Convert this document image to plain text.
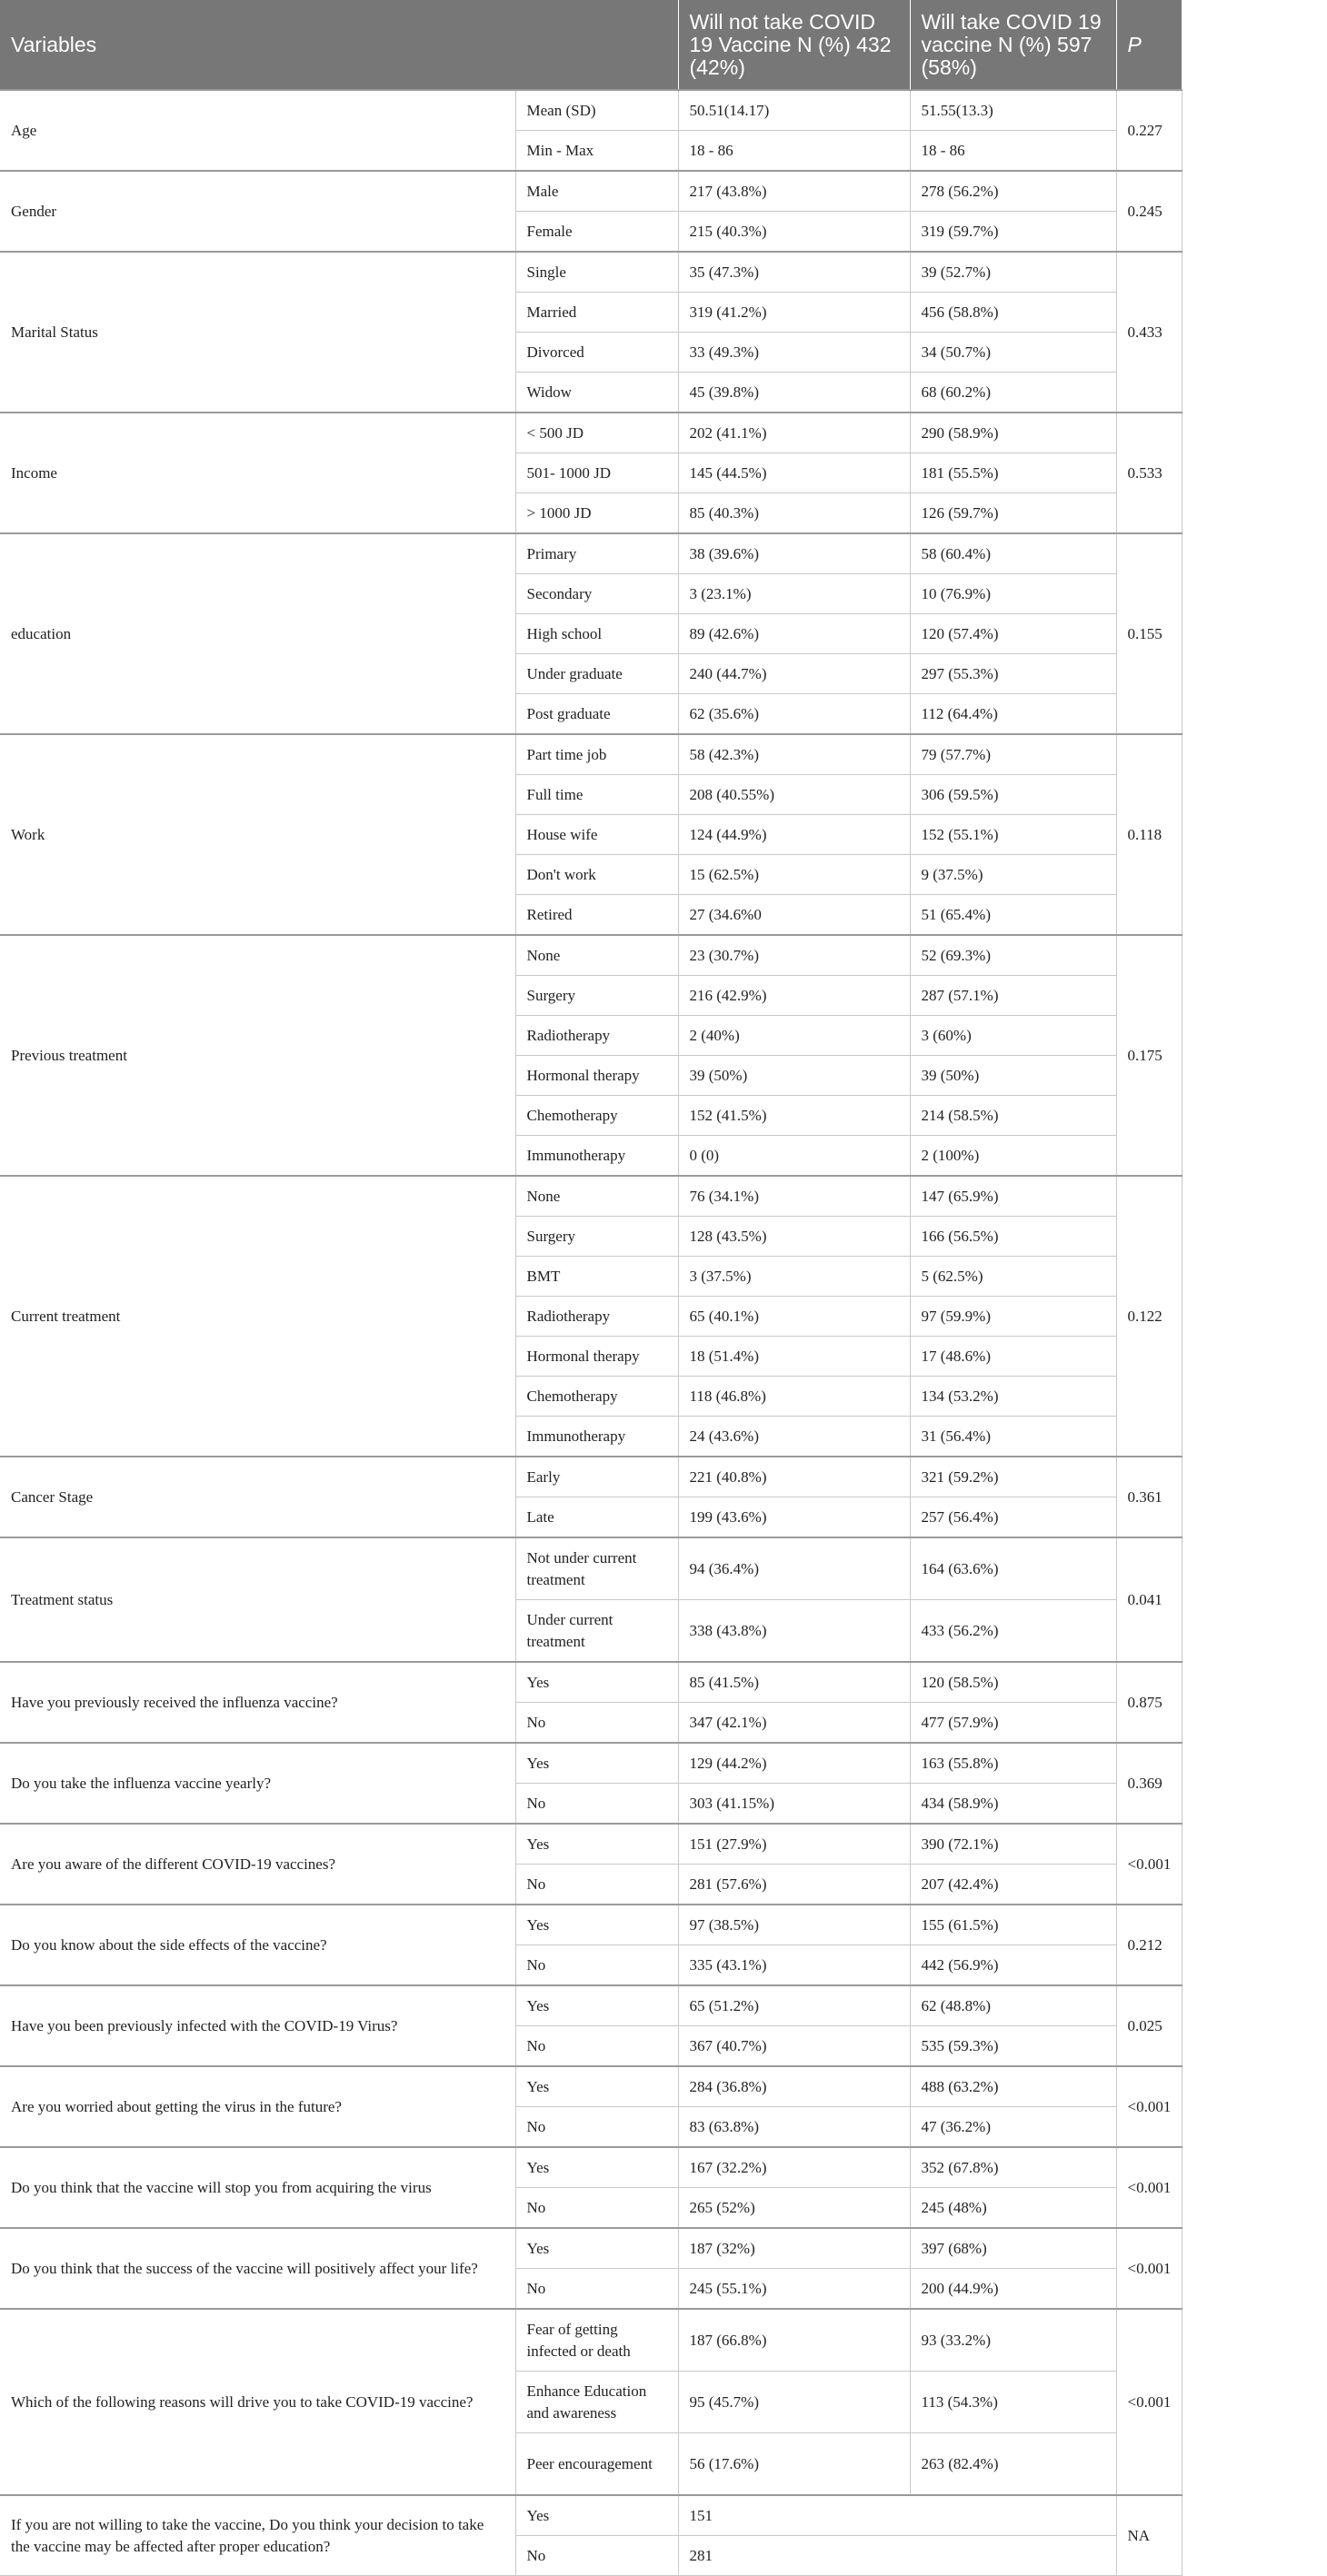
Variables		Will not take COVID 19 Vaccine N (%) 432 (42%)	Will take COVID 19 vaccine N (%) 597 (58%)	P
Age	Mean (SD)	50.51(14.17)	51.55(13.3)	0.227
	Min - Max	18 - 86	18 - 86	
Gender	Male	217 (43.8%)	278 (56.2%)	0.245
	Female	215 (40.3%)	319 (59.7%)	
Marital Status	Single	35 (47.3%)	39 (52.7%)	0.433
	Married	319 (41.2%)	456 (58.8%)	
	Divorced	33 (49.3%)	34 (50.7%)	
	Widow	45 (39.8%)	68 (60.2%)	
Income	< 500 JD	202 (41.1%)	290 (58.9%)	0.533
	501- 1000 JD	145 (44.5%)	181 (55.5%)	
	> 1000 JD	85 (40.3%)	126 (59.7%)	
education	Primary	38 (39.6%)	58 (60.4%)	0.155
	Secondary	3 (23.1%)	10 (76.9%)	
	High school	89 (42.6%)	120 (57.4%)	
	Under graduate	240 (44.7%)	297 (55.3%)	
	Post graduate	62 (35.6%)	112 (64.4%)	
Work	Part time job	58 (42.3%)	79 (57.7%)	0.118
	Full time	208 (40.55%)	306 (59.5%)	
	House wife	124 (44.9%)	152 (55.1%)	
	Don't work	15 (62.5%)	9 (37.5%)	
	Retired	27 (34.6%0	51 (65.4%)	
Previous treatment	None	23 (30.7%)	52 (69.3%)	0.175
	Surgery	216 (42.9%)	287 (57.1%)	
	Radiotherapy	2 (40%)	3 (60%)	
	Hormonal therapy	39 (50%)	39 (50%)	
	Chemotherapy	152 (41.5%)	214 (58.5%)	
	Immunotherapy	0 (0)	2 (100%)	
Current treatment	None	76 (34.1%)	147 (65.9%)	0.122
	Surgery	128 (43.5%)	166 (56.5%)	
	BMT	3 (37.5%)	5 (62.5%)	
	Radiotherapy	65 (40.1%)	97 (59.9%)	
	Hormonal therapy	18 (51.4%)	17 (48.6%)	
	Chemotherapy	118 (46.8%)	134 (53.2%)	
	Immunotherapy	24 (43.6%)	31 (56.4%)	
Cancer Stage	Early	221 (40.8%)	321 (59.2%)	0.361
	Late	199 (43.6%)	257 (56.4%)	
Treatment status	Not under current treatment	94 (36.4%)	164 (63.6%)	0.041
	Under current treatment	338 (43.8%)	433 (56.2%)	
Have you previously received the influenza vaccine?	Yes	85 (41.5%)	120 (58.5%)	0.875
	No	347 (42.1%)	477 (57.9%)	
Do you take the influenza vaccine yearly?	Yes	129 (44.2%)	163 (55.8%)	0.369
	No	303 (41.15%)	434 (58.9%)	
Are you aware of the different COVID-19 vaccines?	Yes	151 (27.9%)	390 (72.1%)	<0.001
	No	281 (57.6%)	207 (42.4%)	
Do you know about the side effects of the vaccine?	Yes	97 (38.5%)	155 (61.5%)	0.212
	No	335 (43.1%)	442 (56.9%)	
Have you been previously infected with the COVID-19 Virus?	Yes	65 (51.2%)	62 (48.8%)	0.025
	No	367 (40.7%)	535 (59.3%)	
Are you worried about getting the virus in the future?	Yes	284 (36.8%)	488 (63.2%)	<0.001
	No	83 (63.8%)	47 (36.2%)	
Do you think that the vaccine will stop you from acquiring the virus	Yes	167 (32.2%)	352 (67.8%)	<0.001
	No	265 (52%)	245 (48%)	
Do you think that the success of the vaccine will positively affect your life?	Yes	187 (32%)	397 (68%)	<0.001
	No	245 (55.1%)	200 (44.9%)	
Which of the following reasons will drive you to take COVID-19 vaccine?	Fear of getting infected or death	187 (66.8%)	93 (33.2%)	<0.001
	Enhance Education and awareness	95 (45.7%)	113 (54.3%)	
	Peer encouragement	56 (17.6%)	263 (82.4%)	
If you are not willing to take the vaccine, Do you think your decision to take the vaccine may be affected after proper education?	Yes	151		NA
	No	281		
